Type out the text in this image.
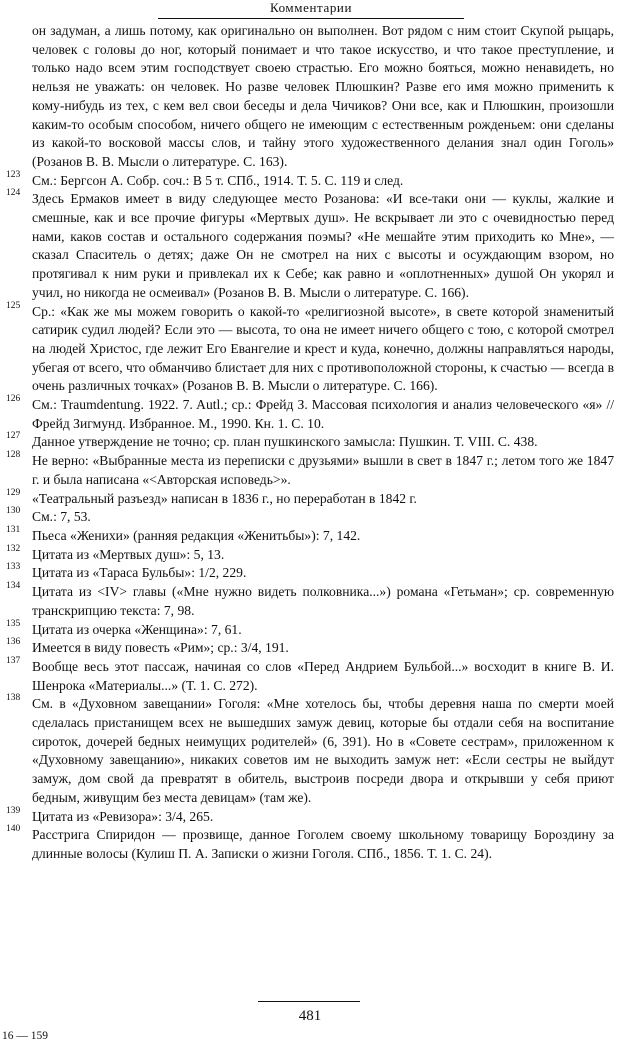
Комментарии

он задуман, а лишь потому, как оригинально он выполнен. Вот рядом с ним стоит Скупой рыцарь, человек с головы до ног, который понимает и что такое искусство, и что такое преступление, и только надо всем этим господствует своею страстью. Его можно бояться, можно ненавидеть, но нельзя не уважать: он человек. Но разве человек Плюшкин? Разве его имя можно применить к кому-нибудь из тех, с кем вел свои беседы и дела Чичиков? Они все, как и Плюшкин, произошли каким-то особым способом, ничего общего не имеющим с естественным рожденьем: они сделаны из какой-то восковой массы слов, и тайну этого художественного делания знал один Гоголь» (Розанов В. В. Мысли о литературе. С. 163).

123 См.: Бергсон А. Собр. соч.: В 5 т. СПб., 1914. Т. 5. С. 119 и след.
124 Здесь Ермаков имеет в виду следующее место Розанова: «И все-таки они — куклы, жалкие и смешные, как и все прочие фигуры «Мертвых душ». Не вскрывает ли это с очевидностью перед нами, каков состав и остального содержания поэмы? «Не мешайте этим приходить ко Мне», — сказал Спаситель о детях; даже Он не смотрел на них с высоты и осуждающим взором, но протягивал к ним руки и привлекал их к Себе; как равно и «оплотненных» душой Он укорял и учил, но никогда не осмеивал» (Розанов В. В. Мысли о литературе. С. 166).
125 Ср.: «Как же мы можем говорить о какой-то «религиозной высоте», в свете которой знаменитый сатирик судил людей? Если это — высота, то она не имеет ничего общего с тою, с которой смотрел на людей Христос, где лежит Его Евангелие и крест и куда, конечно, должны направляться народы, убегая от всего, что обманчиво блистает для них с противоположной стороны, к счастью — всегда в очень различных точках» (Розанов В. В. Мысли о литературе. С. 166).
126 См.: Traumdentung. 1922. 7. Autl.; ср.: Фрейд З. Массовая психология и анализ человеческого «я» // Фрейд Зигмунд. Избранное. М., 1990. Кн. 1. С. 10.
127 Данное утверждение не точно; ср. план пушкинского замысла: Пушкин. Т. VIII. С. 438.
128 Не верно: «Выбранные места из переписки с друзьями» вышли в свет в 1847 г.; летом того же 1847 г. и была написана «<Авторская исповедь>».
129 «Театральный разъезд» написан в 1836 г., но переработан в 1842 г.
130 См.: 7, 53.
131 Пьеса «Женихи» (ранняя редакция «Женитьбы»): 7, 142.
132 Цитата из «Мертвых душ»: 5, 13.
133 Цитата из «Тараса Бульбы»: 1/2, 229.
134 Цитата из <IV> главы («Мне нужно видеть полковника...») романа «Гетьман»; ср. современную транскрипцию текста: 7, 98.
135 Цитата из очерка «Женщина»: 7, 61.
136 Имеется в виду повесть «Рим»; ср.: 3/4, 191.
137 Вообще весь этот пассаж, начиная со слов «Перед Андрием Бульбой...» восходит в книге В. И. Шенрока «Материалы...» (Т. 1. С. 272).
138 См. в «Духовном завещании» Гоголя: «Мне хотелось бы, чтобы деревня наша по смерти моей сделалась пристанищем всех не вышедших замуж девиц, которые бы отдали себя на воспитание сироток, дочерей бедных неимущих родителей» (6, 391). Но в «Совете сестрам», приложенном к «Духовному завещанию», никаких советов им не выходить замуж нет: «Если сестры не выйдут замуж, дом свой да превратят в обитель, выстроив посреди двора и открывши у себя приют бедным, живущим без места девицам» (там же).
139 Цитата из «Ревизора»: 3/4, 265.
140 Расстрига Спиридон — прозвище, данное Гоголем своему школьному товарищу Бороздину за длинные волосы (Кулиш П. А. Записки о жизни Гоголя. СПб., 1856. Т. 1. С. 24).
481
16 — 159
